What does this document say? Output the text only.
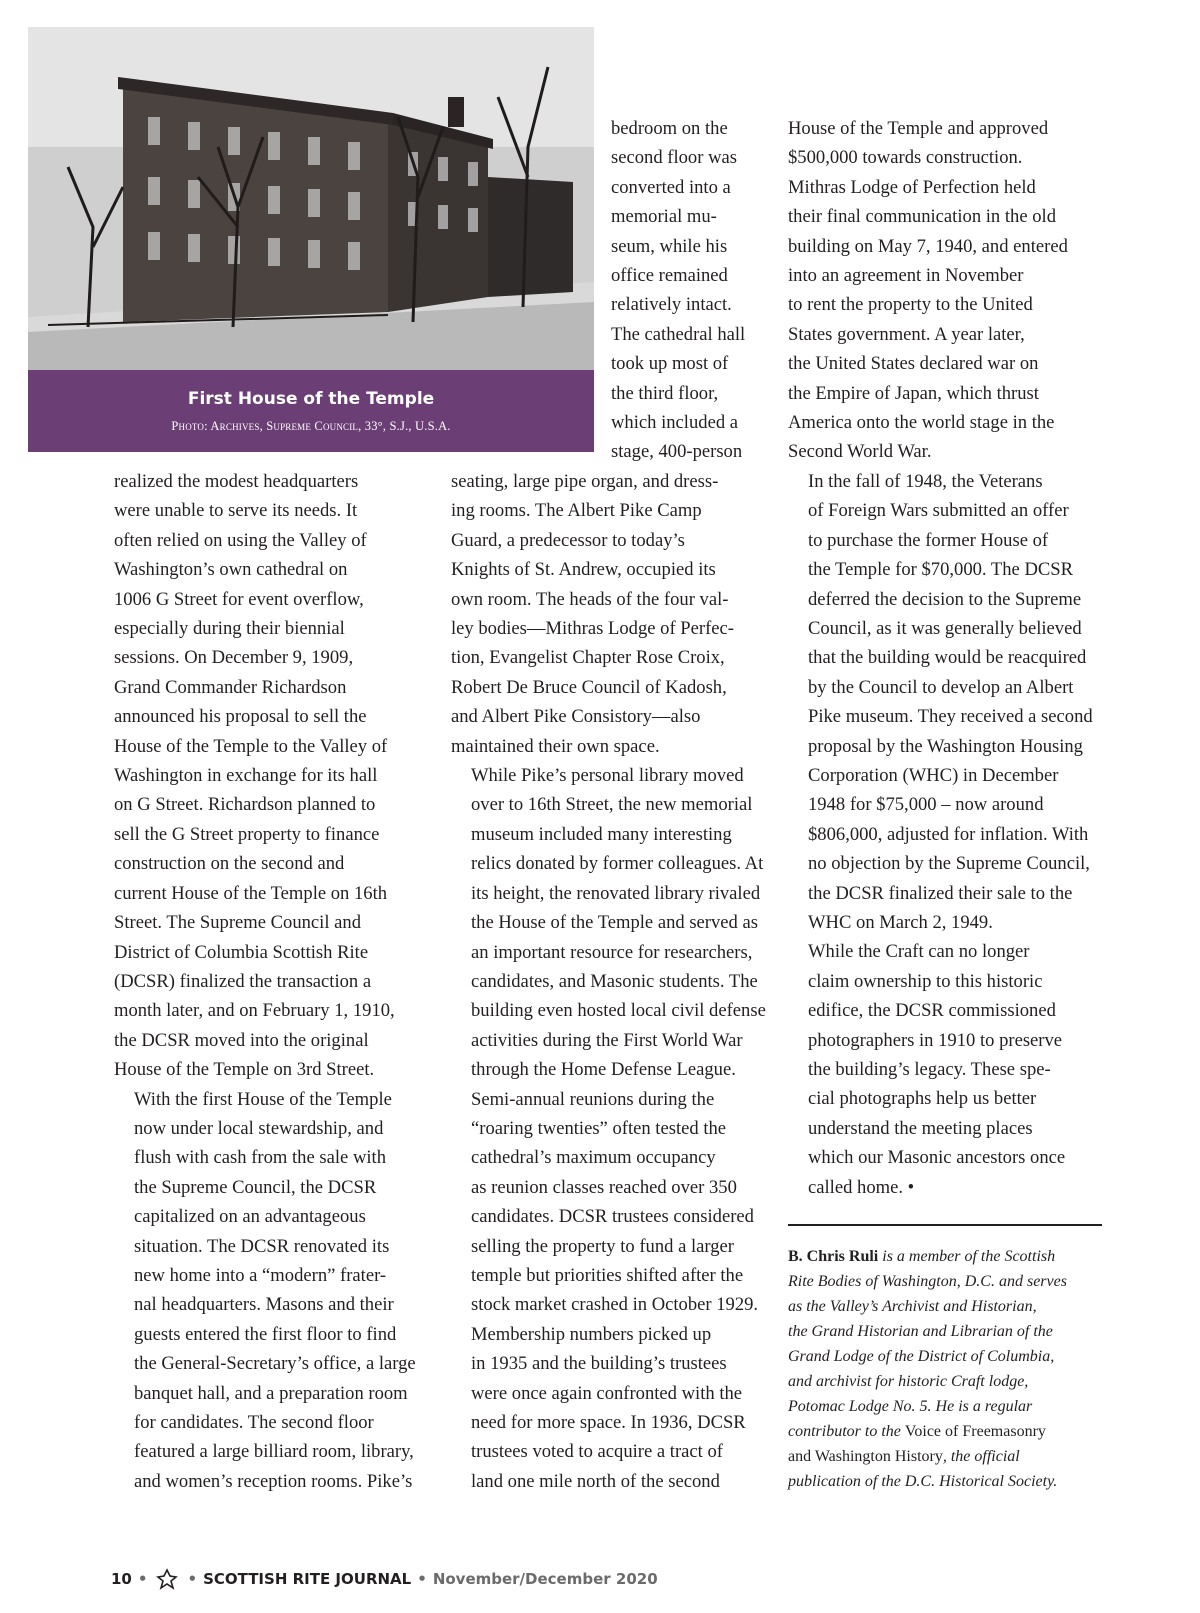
First House of the Temple
Photo: Archives, Supreme Council, 33°, S.J., U.S.A.

bedroom on the
second floor was
converted into a
memorial mu-
seum, while his
office remained
relatively intact.
The cathedral hall
took up most of
the third floor,
which included a
stage, 400-person

realized the modest headquarters
were unable to serve its needs. It
often relied on using the Valley of
Washington’s own cathedral on
1006 G Street for event overflow,
especially during their biennial
sessions. On December 9, 1909,
Grand Commander Richardson
announced his proposal to sell the
House of the Temple to the Valley of
Washington in exchange for its hall
on G Street. Richardson planned to
sell the G Street property to finance
construction on the second and
current House of the Temple on 16th
Street. The Supreme Council and
District of Columbia Scottish Rite
(DCSR) finalized the transaction a
month later, and on February 1, 1910,
the DCSR moved into the original
House of the Temple on 3rd Street.

With the first House of the Temple
now under local stewardship, and
flush with cash from the sale with
the Supreme Council, the DCSR
capitalized on an advantageous
situation. The DCSR renovated its
new home into a “modern” frater-
nal headquarters. Masons and their
guests entered the first floor to find
the General-Secretary’s office, a large
banquet hall, and a preparation room
for candidates. The second floor
featured a large billiard room, library,
and women’s reception rooms. Pike’s

seating, large pipe organ, and dress-
ing rooms. The Albert Pike Camp
Guard, a predecessor to today’s
Knights of St. Andrew, occupied its
own room. The heads of the four val-
ley bodies—Mithras Lodge of Perfec-
tion, Evangelist Chapter Rose Croix,
Robert De Bruce Council of Kadosh,
and Albert Pike Consistory—also
maintained their own space.

While Pike’s personal library moved
over to 16th Street, the new memorial
museum included many interesting
relics donated by former colleagues. At
its height, the renovated library rivaled
the House of the Temple and served as
an important resource for researchers,
candidates, and Masonic students. The
building even hosted local civil defense
activities during the First World War
through the Home Defense League.
Semi-annual reunions during the
“roaring twenties” often tested the
cathedral’s maximum occupancy
as reunion classes reached over 350
candidates. DCSR trustees considered
selling the property to fund a larger
temple but priorities shifted after the
stock market crashed in October 1929.

Membership numbers picked up
in 1935 and the building’s trustees
were once again confronted with the
need for more space. In 1936, DCSR
trustees voted to acquire a tract of
land one mile north of the second

House of the Temple and approved
$500,000 towards construction.
Mithras Lodge of Perfection held
their final communication in the old
building on May 7, 1940, and entered
into an agreement in November
to rent the property to the United
States government. A year later,
the United States declared war on
the Empire of Japan, which thrust
America onto the world stage in the
Second World War.

In the fall of 1948, the Veterans
of Foreign Wars submitted an offer
to purchase the former House of
the Temple for $70,000. The DCSR
deferred the decision to the Supreme
Council, as it was generally believed
that the building would be reacquired
by the Council to develop an Albert
Pike museum. They received a second
proposal by the Washington Housing
Corporation (WHC) in December
1948 for $75,000 – now around
$806,000, adjusted for inflation. With
no objection by the Supreme Council,
the DCSR finalized their sale to the
WHC on March 2, 1949.

While the Craft can no longer
claim ownership to this historic
edifice, the DCSR commissioned
photographers in 1910 to preserve
the building’s legacy. These spe-
cial photographs help us better
understand the meeting places
which our Masonic ancestors once
called home. •

B. Chris Ruli is a member of the Scottish
Rite Bodies of Washington, D.C. and serves
as the Valley’s Archivist and Historian,
the Grand Historian and Librarian of the
Grand Lodge of the District of Columbia,
and archivist for historic Craft lodge,
Potomac Lodge No. 5. He is a regular
contributor to the Voice of Freemasonry
and Washington History, the official
publication of the D.C. Historical Society.
10 •	• SCOTTISH RITE JOURNAL • November/December 2020
